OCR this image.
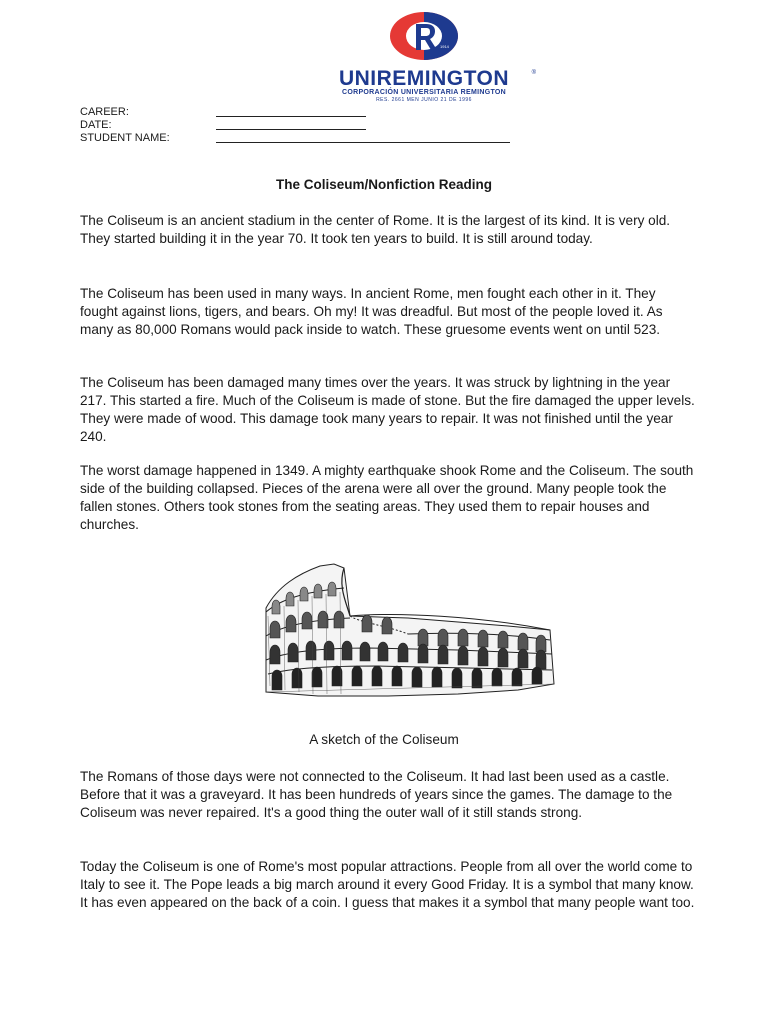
1914
UNIREMINGTON	®
CORPORACIÓN UNIVERSITARIA REMINGTON
RES. 2661 MEN JUNIO 21 DE 1996
CAREER:
DATE:
STUDENT NAME:
The Coliseum/Nonfiction Reading

The Coliseum is an ancient stadium in the center of Rome. It is the largest of its kind. It is very old. They started building it in the year 70. It took ten years to build. It is still around today.

The Coliseum has been used in many ways. In ancient Rome, men fought each other in it. They fought against lions, tigers, and bears. Oh my! It was dreadful. But most of the people loved it. As many as 80,000 Romans would pack inside to watch. These gruesome events went on until 523.

The Coliseum has been damaged many times over the years. It was struck by lightning in the year 217. This started a fire. Much of the Coliseum is made of stone. But the fire damaged the upper levels. They were made of wood. This damage took many years to repair. It was not finished until the year 240.

The worst damage happened in 1349. A mighty earthquake shook Rome and the Coliseum. The south side of the building collapsed. Pieces of the arena were all over the ground. Many people took the fallen stones. Others took stones from the seating areas. They used them to repair houses and churches.

A sketch of the Coliseum

The Romans of those days were not connected to the Coliseum. It had last been used as a castle. Before that it was a graveyard. It has been hundreds of years since the games. The damage to the Coliseum was never repaired. It's a good thing the outer wall of it still stands strong.

Today the Coliseum is one of Rome's most popular attractions. People from all over the world come to Italy to see it. The Pope leads a big march around it every Good Friday. It is a symbol that many know. It has even appeared on the back of a coin. I guess that makes it a symbol that many people want too.
